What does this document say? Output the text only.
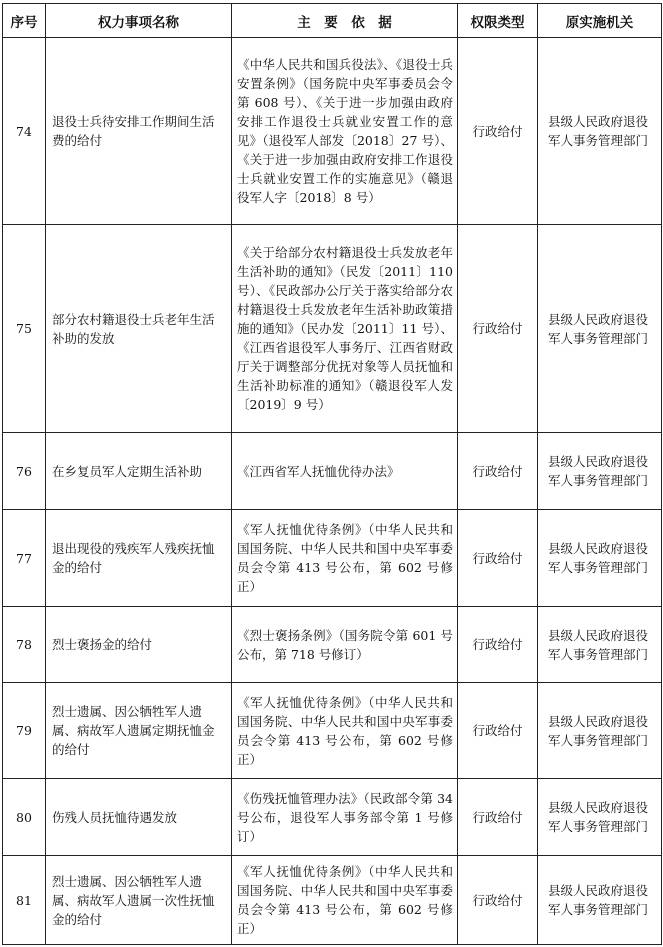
序号	权力事项名称	主　要　依　据	权限类型	原实施机关
74	退役士兵待安排工作期间生活费的给付	《中华人民共和国兵役法》、《退役士兵安置条例》（国务院中央军事委员会令第 608 号）、《关于进一步加强由政府安排工作退役士兵就业安置工作的意见》（退役军人部发〔2018〕27 号）、《关于进一步加强由政府安排工作退役士兵就业安置工作的实施意见》（赣退役军人字〔2018〕8 号）	行政给付	县级人民政府退役军人事务管理部门
75	部分农村籍退役士兵老年生活补助的发放	《关于给部分农村籍退役士兵发放老年生活补助的通知》（民发〔2011〕110 号）、《民政部办公厅关于落实给部分农村籍退役士兵发放老年生活补助政策措施的通知》（民办发〔2011〕11 号）、《江西省退役军人事务厅、江西省财政厅关于调整部分优抚对象等人员抚恤和生活补助标准的通知》（赣退役军人发〔2019〕9 号）	行政给付	县级人民政府退役军人事务管理部门
76	在乡复员军人定期生活补助	《江西省军人抚恤优待办法》	行政给付	县级人民政府退役军人事务管理部门
77	退出现役的残疾军人残疾抚恤金的给付	《军人抚恤优待条例》（中华人民共和国国务院、中华人民共和国中央军事委员会令第 413 号公布，第 602 号修正）	行政给付	县级人民政府退役军人事务管理部门
78	烈士褒扬金的给付	《烈士褒扬条例》（国务院令第 601 号公布，第 718 号修订）	行政给付	县级人民政府退役军人事务管理部门
79	烈士遗属、因公牺牲军人遗属、病故军人遗属定期抚恤金的给付	《军人抚恤优待条例》（中华人民共和国国务院、中华人民共和国中央军事委员会令第 413 号公布，第 602 号修正）	行政给付	县级人民政府退役军人事务管理部门
80	伤残人员抚恤待遇发放	《伤残抚恤管理办法》（民政部令第 34 号公布，退役军人事务部令第 1 号修订）	行政给付	县级人民政府退役军人事务管理部门
81	烈士遗属、因公牺牲军人遗属、病故军人遗属一次性抚恤金的给付	《军人抚恤优待条例》（中华人民共和国国务院、中华人民共和国中央军事委员会令第 413 号公布，第 602 号修正）	行政给付	县级人民政府退役军人事务管理部门
